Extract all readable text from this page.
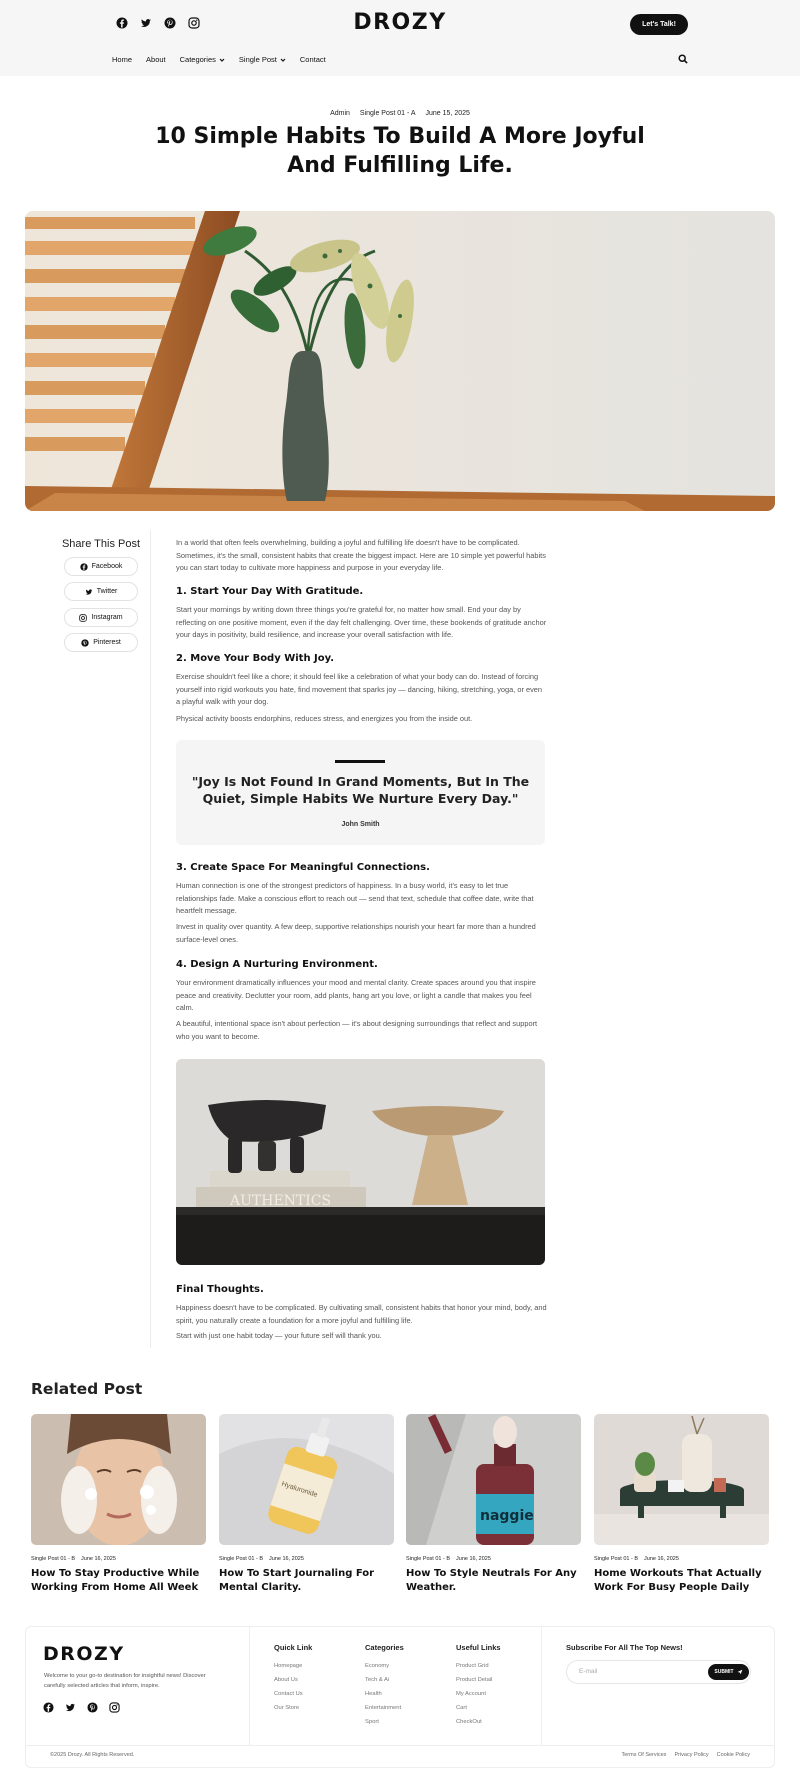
DROZY	Let's Talk!
Home About Categories	Single Post	Contact
Admin Single Post 01 - A June 15, 2025
10 Simple Habits To Build A More Joyful And Fulfilling Life.
Share This Post
Facebook
Twitter
Instagram
Pinterest

In a world that often feels overwhelming, building a joyful and fulfilling life doesn't have to be complicated. Sometimes, it's the small, consistent habits that create the biggest impact. Here are 10 simple yet powerful habits you can start today to cultivate more happiness and purpose in your everyday life.

1. Start Your Day With Gratitude.

Start your mornings by writing down three things you're grateful for, no matter how small. End your day by reflecting on one positive moment, even if the day felt challenging. Over time, these bookends of gratitude anchor your days in positivity, build resilience, and increase your overall satisfaction with life.

2. Move Your Body With Joy.

Exercise shouldn't feel like a chore; it should feel like a celebration of what your body can do. Instead of forcing yourself into rigid workouts you hate, find movement that sparks joy — dancing, hiking, stretching, yoga, or even a playful walk with your dog.

Physical activity boosts endorphins, reduces stress, and energizes you from the inside out.

"Joy Is Not Found In Grand Moments, But In The Quiet, Simple Habits We Nurture Every Day."
John Smith
3. Create Space For Meaningful Connections.

Human connection is one of the strongest predictors of happiness. In a busy world, it's easy to let true relationships fade. Make a conscious effort to reach out — send that text, schedule that coffee date, write that heartfelt message.

Invest in quality over quantity. A few deep, supportive relationships nourish your heart far more than a hundred surface-level ones.

4. Design A Nurturing Environment.

Your environment dramatically influences your mood and mental clarity. Create spaces around you that inspire peace and creativity. Declutter your room, add plants, hang art you love, or light a candle that makes you feel calm.

A beautiful, intentional space isn't about perfection — it's about designing surroundings that reflect and support who you want to become.

AUTHENTICS
Final Thoughts.

Happiness doesn't have to be complicated. By cultivating small, consistent habits that honor your mind, body, and spirit, you naturally create a foundation for a more joyful and fulfilling life.

Start with just one habit today — your future self will thank you.

Related Post
Single Post 01 - B June 16, 2025
How To Stay Productive While Working From Home All Week
Hyaluronide
Single Post 01 - B June 16, 2025
How To Start Journaling For Mental Clarity.
naggie
Single Post 01 - B June 16, 2025
How To Style Neutrals For Any Weather.
Single Post 01 - B June 16, 2025
Home Workouts That Actually Work For Busy People Daily
DROZY
Welcome to your go-to destination for insightful news! Discover carefully selected articles that inform, inspire.
Quick Link
Homepage
About Us
Contact Us
Our Store
Categories
Economy
Tech & Ai
Health
Entertainment
Sport
Useful Links
Product Grid
Product Detail
My Account
Cart
CheckOut
Subscribe For All The Top News!
E-mail	SUBMIT
©2025 Drozy. All Rights Reserved.	Terms Of Services Privacy Policy Cookie Policy
